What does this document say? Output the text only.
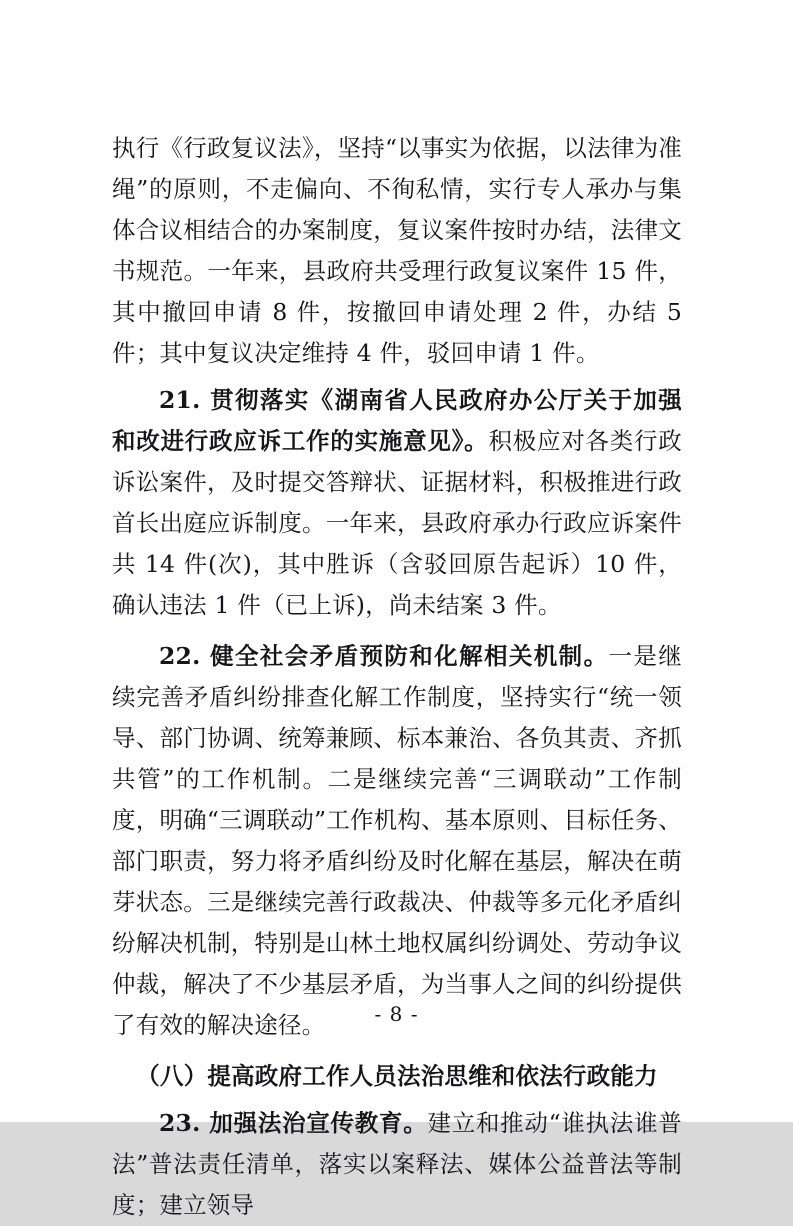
执行《行政复议法》，坚持“以事实为依据，以法律为准绳”的原则，不走偏向、不徇私情，实行专人承办与集体合议相结合的办案制度，复议案件按时办结，法律文书规范。一年来，县政府共受理行政复议案件 15 件，其中撤回申请 8 件，按撤回申请处理 2 件，办结 5 件；其中复议决定维持 4 件，驳回申请 1 件。

21. 贯彻落实《湖南省人民政府办公厅关于加强和改进行政应诉工作的实施意见》。积极应对各类行政诉讼案件，及时提交答辩状、证据材料，积极推进行政首长出庭应诉制度。一年来，县政府承办行政应诉案件共 14 件(次)，其中胜诉（含驳回原告起诉）10 件，确认违法 1 件（已上诉)，尚未结案 3 件。

22. 健全社会矛盾预防和化解相关机制。一是继续完善矛盾纠纷排查化解工作制度，坚持实行“统一领导、部门协调、统筹兼顾、标本兼治、各负其责、齐抓共管”的工作机制。二是继续完善“三调联动”工作制度，明确“三调联动”工作机构、基本原则、目标任务、部门职责，努力将矛盾纠纷及时化解在基层，解决在萌芽状态。三是继续完善行政裁决、仲裁等多元化矛盾纠纷解决机制，特别是山林土地权属纠纷调处、劳动争议仲裁，解决了不少基层矛盾，为当事人之间的纠纷提供了有效的解决途径。

（八）提高政府工作人员法治思维和依法行政能力

23. 加强法治宣传教育。建立和推动“谁执法谁普法”普法责任清单，落实以案释法、媒体公益普法等制度；建立领导

- 8 -
